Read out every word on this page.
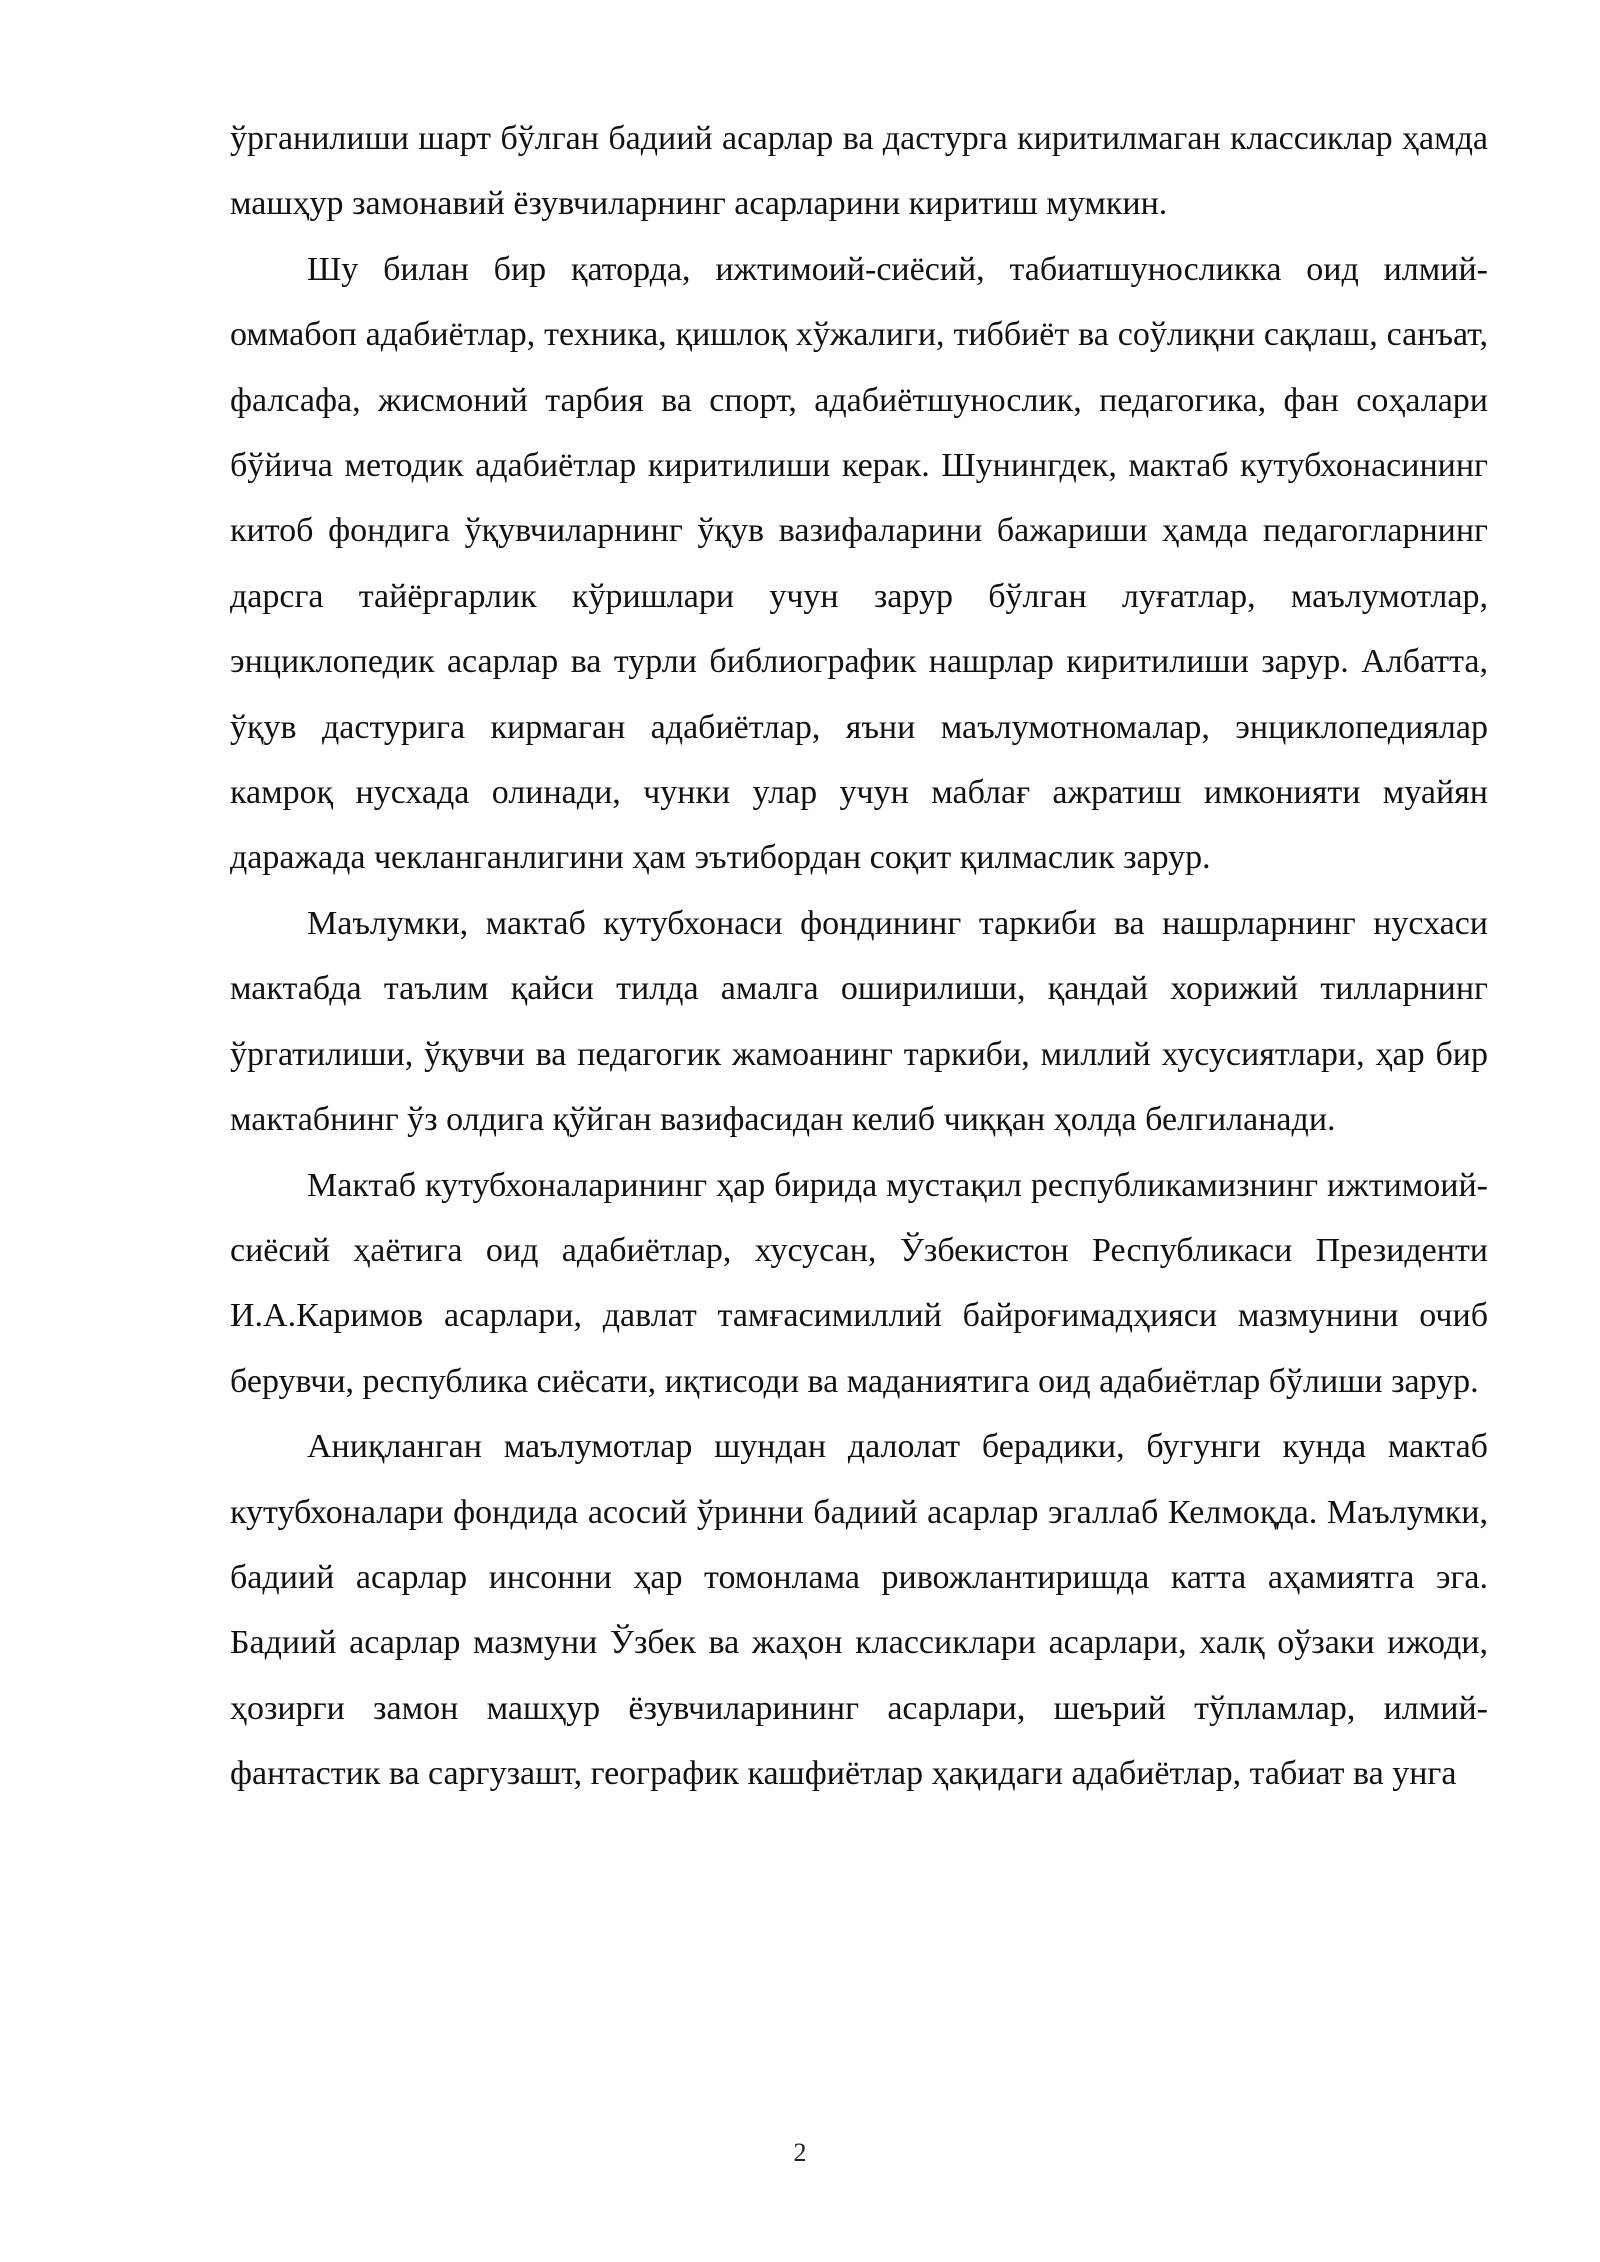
ўрганилиши шарт бўлган бадиий асарлар ва дастурга киритилмаган классиклар ҳамда машҳур замонавий ёзувчиларнинг асарларини киритиш мумкин.

Шу билан бир қаторда, ижтимоий-сиёсий, табиатшуносликка оид илмий-оммабоп адабиётлар, техника, қишлоқ хўжалиги, тиббиёт ва соўлиқни сақлаш, санъат, фалсафа, жисмоний тарбия ва спорт, адабиётшунослик, педагогика, фан соҳалари бўйича методик адабиётлар киритилиши керак. Шунингдек, мактаб кутубхонасининг китоб фондига ўқувчиларнинг ўқув вазифаларини бажариши ҳамда педагогларнинг дарсга тайёргарлик кўришлари учун зарур бўлган луғатлар, маълумотлар, энциклопедик асарлар ва турли библиографик нашрлар киритилиши зарур. Албатта, ўқув дастурига кирмаган адабиётлар, яъни маълумотномалар, энциклопедиялар камроқ нусхада олинади, чунки улар учун маблағ ажратиш имконияти муайян даражада чекланганлигини ҳам эътибордан соқит қилмаслик зарур.

Маълумки, мактаб кутубхонаси фондининг таркиби ва нашрларнинг нусхаси мактабда таълим қайси тилда амалга оширилиши, қандай хорижий тилларнинг ўргатилиши, ўқувчи ва педагогик жамоанинг таркиби, миллий хусусиятлари, ҳар бир мактабнинг ўз олдига қўйган вазифасидан келиб чиққан ҳолда белгиланади.

Мактаб кутубхоналарининг ҳар бирида мустақил республикамизнинг ижтимоий-сиёсий ҳаётига оид адабиётлар, хусусан, Ўзбекистон Республикаси Президенти И.А.Каримов асарлари, давлат тамғасимиллий байроғимадҳияси мазмунини очиб берувчи, республика сиёсати, иқтисоди ва маданиятига оид адабиётлар бўлиши зарур.

Аниқланган маълумотлар шундан далолат берадики, бугунги кунда мактаб кутубхоналари фондида асосий ўринни бадиий асарлар эгаллаб Келмоқда. Маълумки, бадиий асарлар инсонни ҳар томонлама ривожлантиришда катта аҳамиятга эга. Бадиий асарлар мазмуни Ўзбек ва жаҳон классиклари асарлари, халқ оўзаки ижоди, ҳозирги замон машҳур ёзувчиларининг асарлари, шеърий тўпламлар, илмий-фантастик ва саргузашт, географик кашфиётлар ҳақидаги адабиётлар, табиат ва унга

2
